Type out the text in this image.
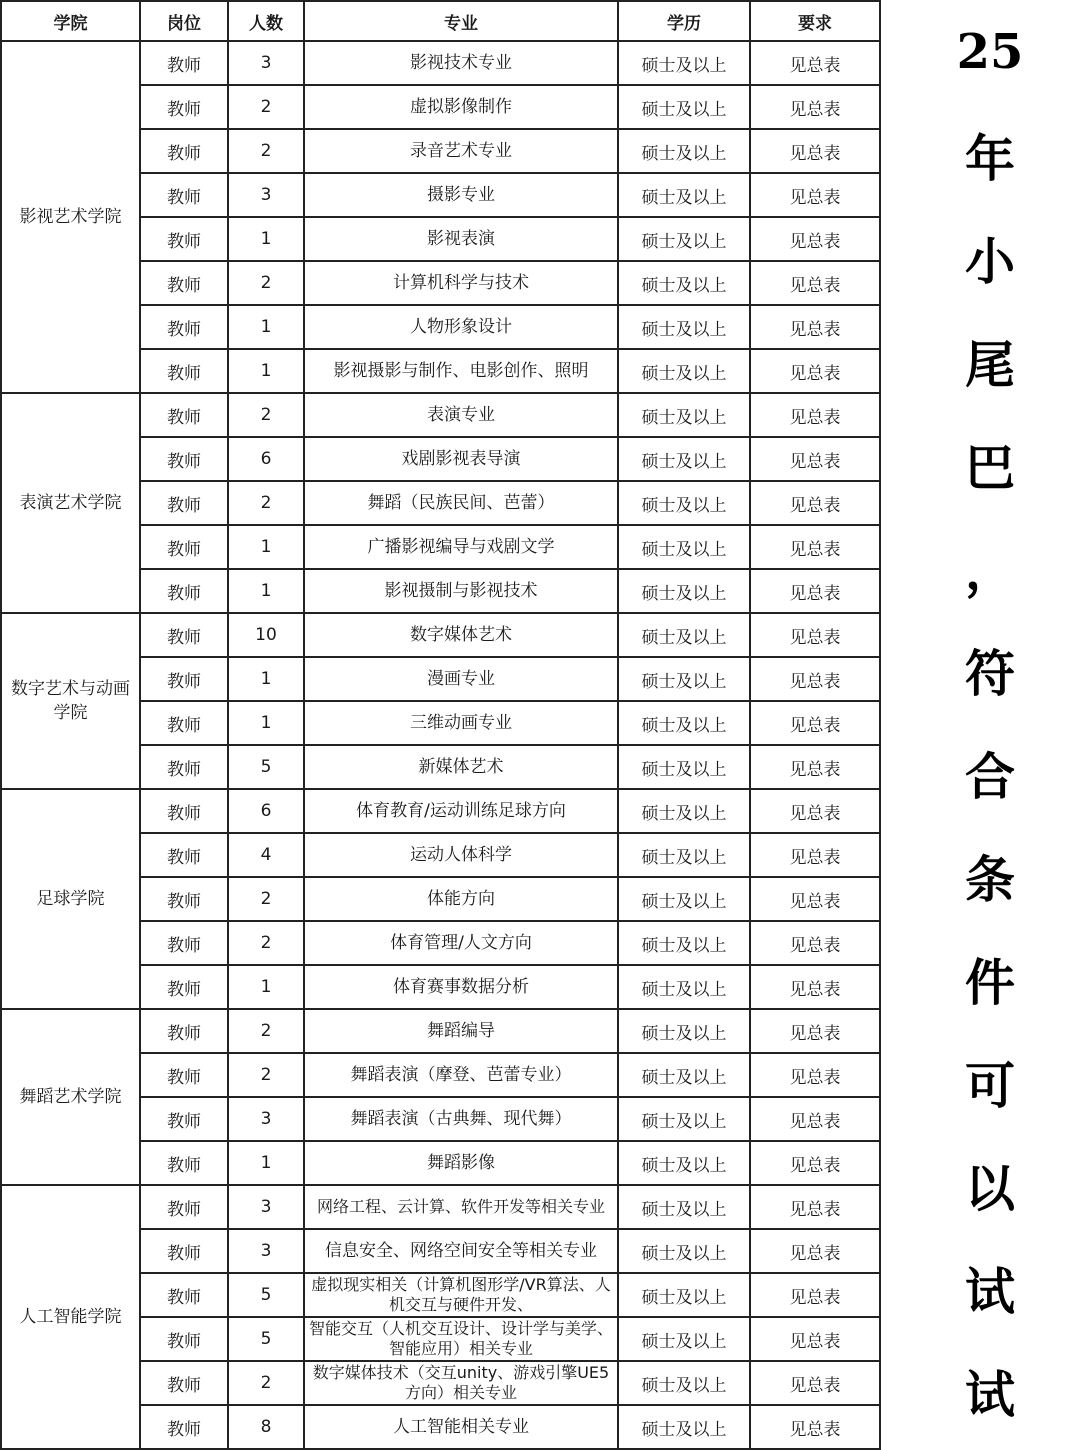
学院	岗位	人数	专业	学历	要求
影视艺术学院	教师	3	影视技术专业	硕士及以上	见总表
	教师	2	虚拟影像制作	硕士及以上	见总表
	教师	2	录音艺术专业	硕士及以上	见总表
	教师	3	摄影专业	硕士及以上	见总表
	教师	1	影视表演	硕士及以上	见总表
	教师	2	计算机科学与技术	硕士及以上	见总表
	教师	1	人物形象设计	硕士及以上	见总表
	教师	1	影视摄影与制作、电影创作、照明	硕士及以上	见总表
表演艺术学院	教师	2	表演专业	硕士及以上	见总表
	教师	6	戏剧影视表导演	硕士及以上	见总表
	教师	2	舞蹈（民族民间、芭蕾）	硕士及以上	见总表
	教师	1	广播影视编导与戏剧文学	硕士及以上	见总表
	教师	1	影视摄制与影视技术	硕士及以上	见总表
数字艺术与动画学院	教师	10	数字媒体艺术	硕士及以上	见总表
	教师	1	漫画专业	硕士及以上	见总表
	教师	1	三维动画专业	硕士及以上	见总表
	教师	5	新媒体艺术	硕士及以上	见总表
足球学院	教师	6	体育教育/运动训练足球方向	硕士及以上	见总表
	教师	4	运动人体科学	硕士及以上	见总表
	教师	2	体能方向	硕士及以上	见总表
	教师	2	体育管理/人文方向	硕士及以上	见总表
	教师	1	体育赛事数据分析	硕士及以上	见总表
舞蹈艺术学院	教师	2	舞蹈编导	硕士及以上	见总表
	教师	2	舞蹈表演（摩登、芭蕾专业）	硕士及以上	见总表
	教师	3	舞蹈表演（古典舞、现代舞）	硕士及以上	见总表
	教师	1	舞蹈影像	硕士及以上	见总表
人工智能学院	教师	3	网络工程、云计算、软件开发等相关专业	硕士及以上	见总表
	教师	3	信息安全、网络空间安全等相关专业	硕士及以上	见总表
	教师	5	虚拟现实相关（计算机图形学/VR算法、人机交互与硬件开发、	硕士及以上	见总表
	教师	5	智能交互（人机交互设计、设计学与美学、智能应用）相关专业	硕士及以上	见总表
	教师	2	数字媒体技术（交互unity、游戏引擎UE5方向）相关专业	硕士及以上	见总表
	教师	8	人工智能相关专业	硕士及以上	见总表
25
年
小
尾
巴
，
符
合
条
件
可
以
试
试
